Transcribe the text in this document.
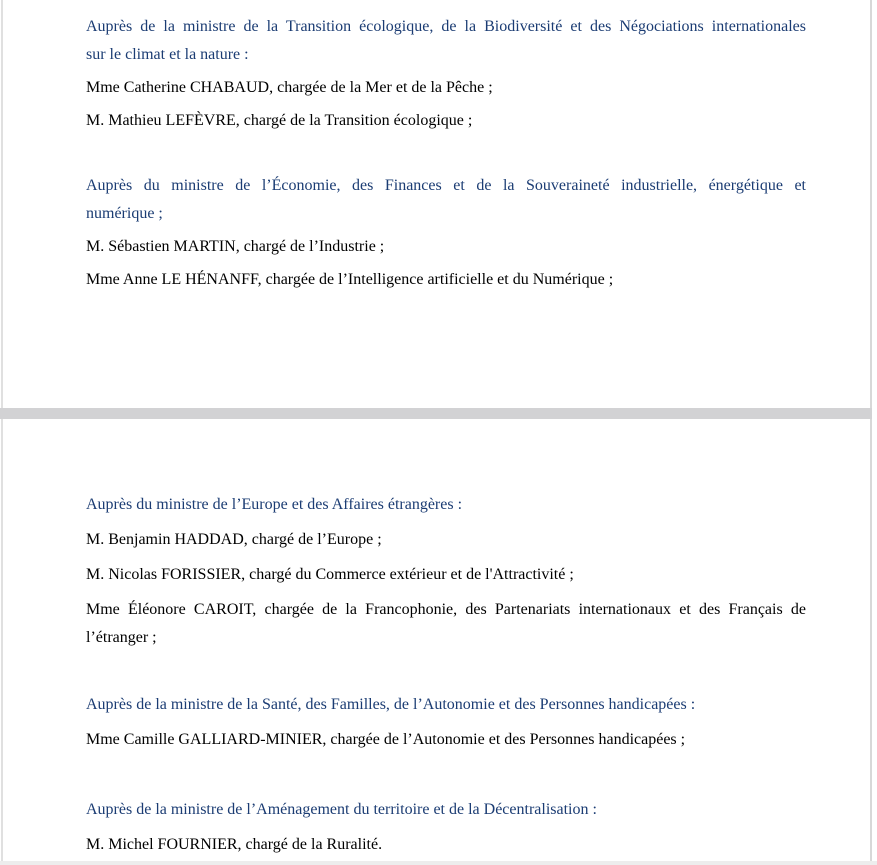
Auprès de la ministre de la Transition écologique, de la Biodiversité et des Négociations internationales
sur le climat et la nature :
Mme Catherine CHABAUD, chargée de la Mer et de la Pêche ;
M. Mathieu LEFÈVRE, chargé de la Transition écologique ;
Auprès du ministre de l’Économie, des Finances et de la Souveraineté industrielle, énergétique et
numérique ;
M. Sébastien MARTIN, chargé de l’Industrie ;
Mme Anne LE HÉNANFF, chargée de l’Intelligence artificielle et du Numérique ;
Auprès du ministre de l’Europe et des Affaires étrangères :
M. Benjamin HADDAD, chargé de l’Europe ;
M. Nicolas FORISSIER, chargé du Commerce extérieur et de l'Attractivité ;
Mme Éléonore CAROIT, chargée de la Francophonie, des Partenariats internationaux et des Français de
l’étranger ;
Auprès de la ministre de la Santé, des Familles, de l’Autonomie et des Personnes handicapées :
Mme Camille GALLIARD-MINIER, chargée de l’Autonomie et des Personnes handicapées ;
Auprès de la ministre de l’Aménagement du territoire et de la Décentralisation :
M. Michel FOURNIER, chargé de la Ruralité.
